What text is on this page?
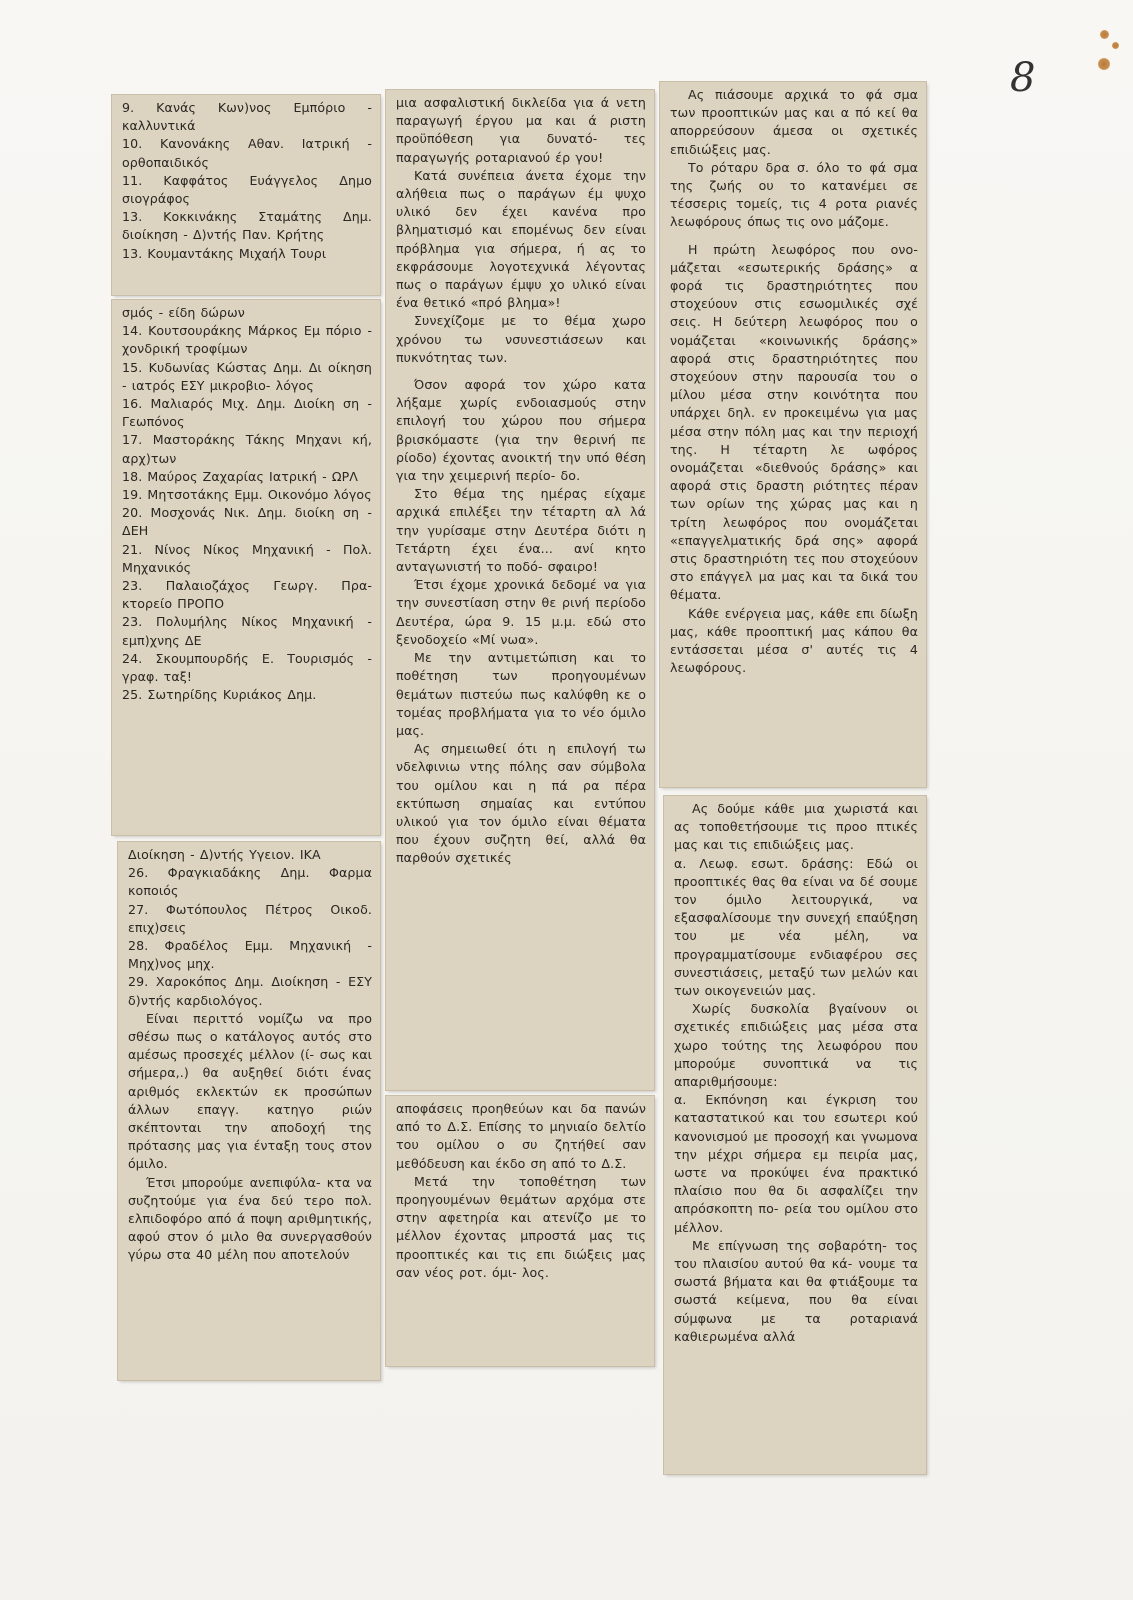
8

9. Κανάς Κων)νος Εμπόριο - καλλυντικά

10. Κανονάκης Αθαν. Ιατρική - ορθοπαιδικός

11. Καφφάτος Ευάγγελος Δημο σιογράφος

13. Κοκκινάκης Σταμάτης Δημ. διοίκηση - Δ)ντής Παν. Κρήτης

13. Κουμαντάκης Μιχαήλ Τουρι

σμός - είδη δώρων

14. Κουτσουράκης Μάρκος Εμ πόριο - χονδρική τροφίμων

15. Κυδωνίας Κώστας Δημ. Δι οίκηση - ιατρός ΕΣΥ μικροβιο- λόγος

16. Μαλιαρός Μιχ. Δημ. Διοίκη ση - Γεωπόνος

17. Μαστοράκης Τάκης Μηχανι κή, αρχ)των

18. Μαύρος Ζαχαρίας Ιατρική - ΩΡΛ

19. Μητσοτάκης Εμμ. Οικονόμο λόγος

20. Μοσχονάς Νικ. Δημ. διοίκη ση - ΔΕΗ

21. Νίνος Νίκος Μηχανική - Πολ. Μηχανικός

23. Παλαιοζάχος Γεωργ. Πρα- κτορείο ΠΡΟΠΟ

23. Πολυμήλης Νίκος Μηχανική - εμπ)χνης ΔΕ

24. Σκουμπουρδής Ε. Τουρισμός - γραφ. ταξ!

25. Σωτηρίδης Κυριάκος Δημ.

Διοίκηση - Δ)ντής Υγειον. ΙΚΑ

26. Φραγκιαδάκης Δημ. Φαρμα κοποιός

27. Φωτόπουλος Πέτρος Οικοδ. επιχ)σεις

28. Φραδέλος Εμμ. Μηχανική - Μηχ)νος μηχ.

29. Χαροκόπος Δημ. Διοίκηση - ΕΣΥ δ)ντής καρδιολόγος.

Είναι περιττό νομίζω να προ σθέσω πως ο κατάλογος αυτός στο αμέσως προσεχές μέλλον (ί- σως και σήμερα,.) θα αυξηθεί διότι ένας αριθμός εκλεκτών εκ προσώπων άλλων επαγγ. κατηγο ριών σκέπτονται την αποδοχή της πρότασης μας για ένταξη τους στον όμιλο.

Έτσι μπορούμε ανεπιφύλα- κτα να συζητούμε για ένα δεύ τερο πολ. ελπιδοφόρο από ά ποψη αριθμητικής, αφού στον ό μιλο θα συνεργασθούν γύρω στα 40 μέλη που αποτελούν

μια ασφαλιστική δικλείδα για ά νετη παραγωγή έργου μα και ά ριστη προϋπόθεση για δυνατό- τες παραγωγής ροταριανού έρ γου!

Κατά συνέπεια άνετα έχομε την αλήθεια πως ο παράγων έμ ψυχο υλικό δεν έχει κανένα προ βληματισμό και επομένως δεν είναι πρόβλημα για σήμερα, ή ας το εκφράσουμε λογοτεχνικά λέγοντας πως ο παράγων έμψυ χο υλικό είναι ένα θετικό «πρό βλημα»!

Συνεχίζομε με το θέμα χωρο χρόνου τω νσυνεστιάσεων και πυκνότητας των.

Όσον αφορά τον χώρο κατα λήξαμε χωρίς ενδοιασμούς στην επιλογή του χώρου που σήμερα βρισκόμαστε (για την θερινή πε ρίοδο) έχοντας ανοικτή την υπό θέση για την χειμερινή περίο- δο.

Στο θέμα της ημέρας είχαμε αρχικά επιλέξει την τέταρτη αλ λά την γυρίσαμε στην Δευτέρα διότι η Τετάρτη έχει ένα... ανί κητο ανταγωνιστή το ποδό- σφαιρο!

Έτσι έχομε χρονικά δεδομέ να για την συνεστίαση στην θε ρινή περίοδο Δευτέρα, ώρα 9. 15 μ.μ. εδώ στο ξενοδοχείο «Μί νωα».

Με την αντιμετώπιση και το ποθέτηση των προηγουμένων θεμάτων πιστεύω πως καλύφθη κε ο τομέας προβλήματα για το νέο όμιλο μας.

Ας σημειωθεί ότι η επιλογή τω νδελφινιω ντης πόλης σαν σύμβολα του ομίλου και η πά ρα πέρα εκτύπωση σημαίας και εντύπου υλικού για τον όμιλο είναι θέματα που έχουν συζητη θεί, αλλά θα παρθούν σχετικές

αποφάσεις προηθεύων και δα πανών από το Δ.Σ. Επίσης το μηνιαίο δελτίο του ομίλου ο συ ζητήθεί σαν μεθόδευση και έκδο ση από το Δ.Σ.

Μετά την τοποθέτηση των προηγουμένων θεμάτων αρχόμα στε στην αφετηρία και ατενίζο με το μέλλον έχοντας μπροστά μας τις προοπτικές και τις επι διώξεις μας σαν νέος ροτ. όμι- λος.

Ας πιάσουμε αρχικά το φά σμα των προοπτικών μας και α πό κεί θα απορρεύσουν άμεσα οι σχετικές επιδιώξεις μας.

Το ρόταρυ δρα σ. όλο το φά σμα της ζωής ου το κατανέμει σε τέσσερις τομείς, τις 4 ροτα ριανές λεωφόρους όπως τις ονο μάζομε.

Η πρώτη λεωφόρος που ονο- μάζεται «εσωτερικής δράσης» α φορά τις δραστηριότητες που στοχεύουν στις εσωομιλικές σχέ σεις. Η δεύτερη λεωφόρος που ο νομάζεται «κοινωνικής δράσης» αφορά στις δραστηριότητες που στοχεύουν στην παρουσία του ο μίλου μέσα στην κοινότητα που υπάρχει δηλ. εν προκειμένω για μας μέσα στην πόλη μας και την περιοχή της. Η τέταρτη λε ωφόρος ονομάζεται «διεθνούς δράσης» και αφορά στις δραστη ριότητες πέραν των ορίων της χώρας μας και η τρίτη λεωφόρος που ονομάζεται «επαγγελματικής δρά σης» αφορά στις δραστηριότη τες που στοχεύουν στο επάγγελ μα μας και τα δικά του θέματα.

Κάθε ενέργεια μας, κάθε επι δίωξη μας, κάθε προοπτική μας κάπου θα εντάσσεται μέσα σ' αυτές τις 4 λεωφόρους.

Ας δούμε κάθε μια χωριστά και ας τοποθετήσουμε τις προο πτικές μας και τις επιδιώξεις μας.

α. Λεωφ. εσωτ. δράσης: Εδώ οι προοπτικές θας θα είναι να δέ σουμε τον όμιλο λειτουργικά, να εξασφαλίσουμε την συνεχή επαύξηση του με νέα μέλη, να προγραμματίσουμε ενδιαφέρου σες συνεστιάσεις, μεταξύ των μελών και των οικογενειών μας.

Χωρίς δυσκολία βγαίνουν οι σχετικές επιδιώξεις μας μέσα στα χωρο τούτης της λεωφόρου που μπορούμε συνοπτικά να τις απαριθμήσουμε:

α. Εκπόνηση και έγκριση του καταστατικού και του εσωτερι κού κανονισμού με προσοχή και γνωμονα την μέχρι σήμερα εμ πειρία μας, ωστε να προκύψει ένα πρακτικό πλαίσιο που θα δι ασφαλίζει την απρόσκοπτη πο- ρεία του ομίλου στο μέλλον.

Με επίγνωση της σοβαρότη- τος του πλαισίου αυτού θα κά- νουμε τα σωστά βήματα και θα φτιάξουμε τα σωστά κείμενα, που θα είναι σύμφωνα με τα ροταριανά καθιερωμένα αλλά
